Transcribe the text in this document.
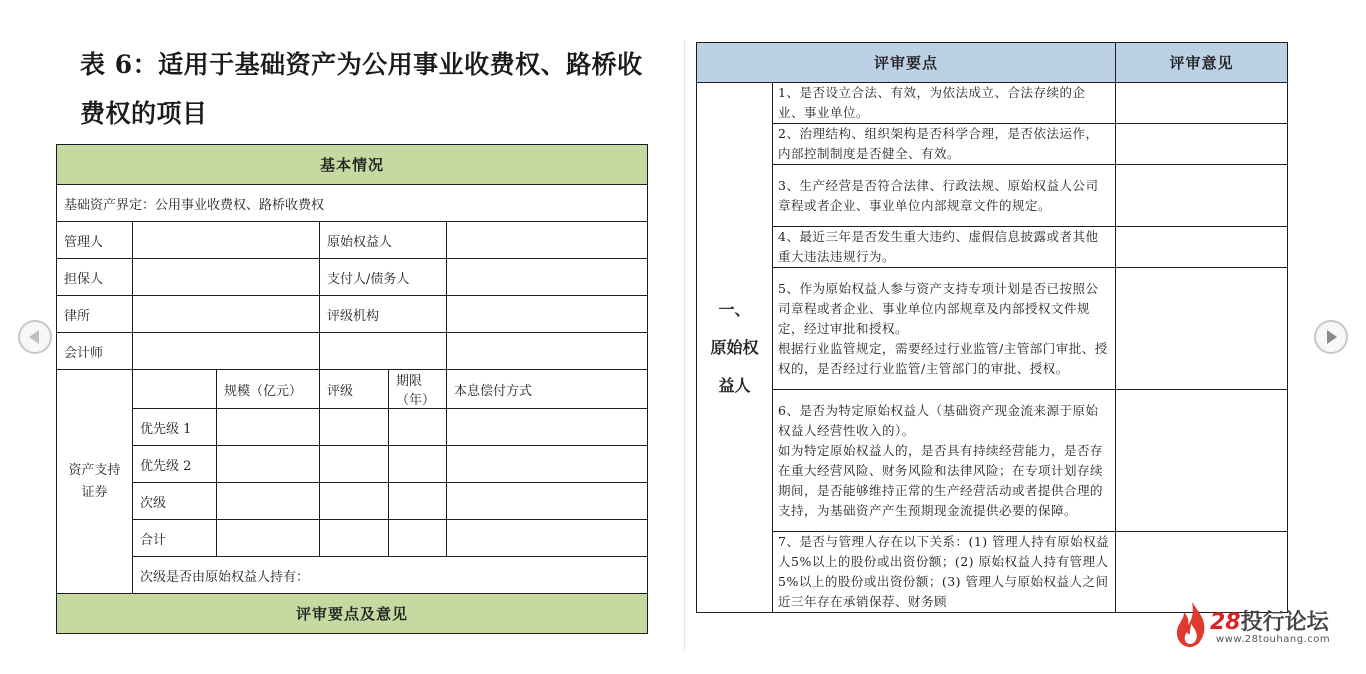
表 6：适用于基础资产为公用事业收费权、路桥收
费权的项目
基本情况					
基础资产界定：公用事业收费权、路桥收费权					
管理人			原始权益人		
担保人			支付人/债务人		
律所			评级机构		
会计师					
资产支持证券		规模（亿元）	评级	期限（年）	本息偿付方式
	优先级 1				
	优先级 2				
	次级				
	合计				
	次级是否由原始权益人持有：				
评审要点及意见					
评审要点		评审意见

一、
原始权
益人	1、是否设立合法、有效，为依法成立、合法存续的企业、事业单位。	
	2、治理结构、组织架构是否科学合理，是否依法运作，内部控制制度是否健全、有效。	
	3、生产经营是否符合法律、行政法规、原始权益人公司章程或者企业、事业单位内部规章文件的规定。	
	4、最近三年是否发生重大违约、虚假信息披露或者其他重大违法违规行为。	
	5、作为原始权益人参与资产支持专项计划是否已按照公司章程或者企业、事业单位内部规章及内部授权文件规定，经过审批和授权。
根据行业监管规定，需要经过行业监管/主管部门审批、授权的，是否经过行业监管/主管部门的审批、授权。	
	6、是否为特定原始权益人（基础资产现金流来源于原始权益人经营性收入的）。
如为特定原始权益人的，是否具有持续经营能力，是否存在重大经营风险、财务风险和法律风险；在专项计划存续期间，是否能够维持正常的生产经营活动或者提供合理的支持，为基础资产产生预期现金流提供必要的保障。	
	7、是否与管理人存在以下关系：(1) 管理人持有原始权益人5%以上的股份或出资份额；(2) 原始权益人持有管理人5%以上的股份或出资份额；(3) 管理人与原始权益人之间近三年存在承销保荐、财务顾	
28投行论坛
www.28touhang.com
